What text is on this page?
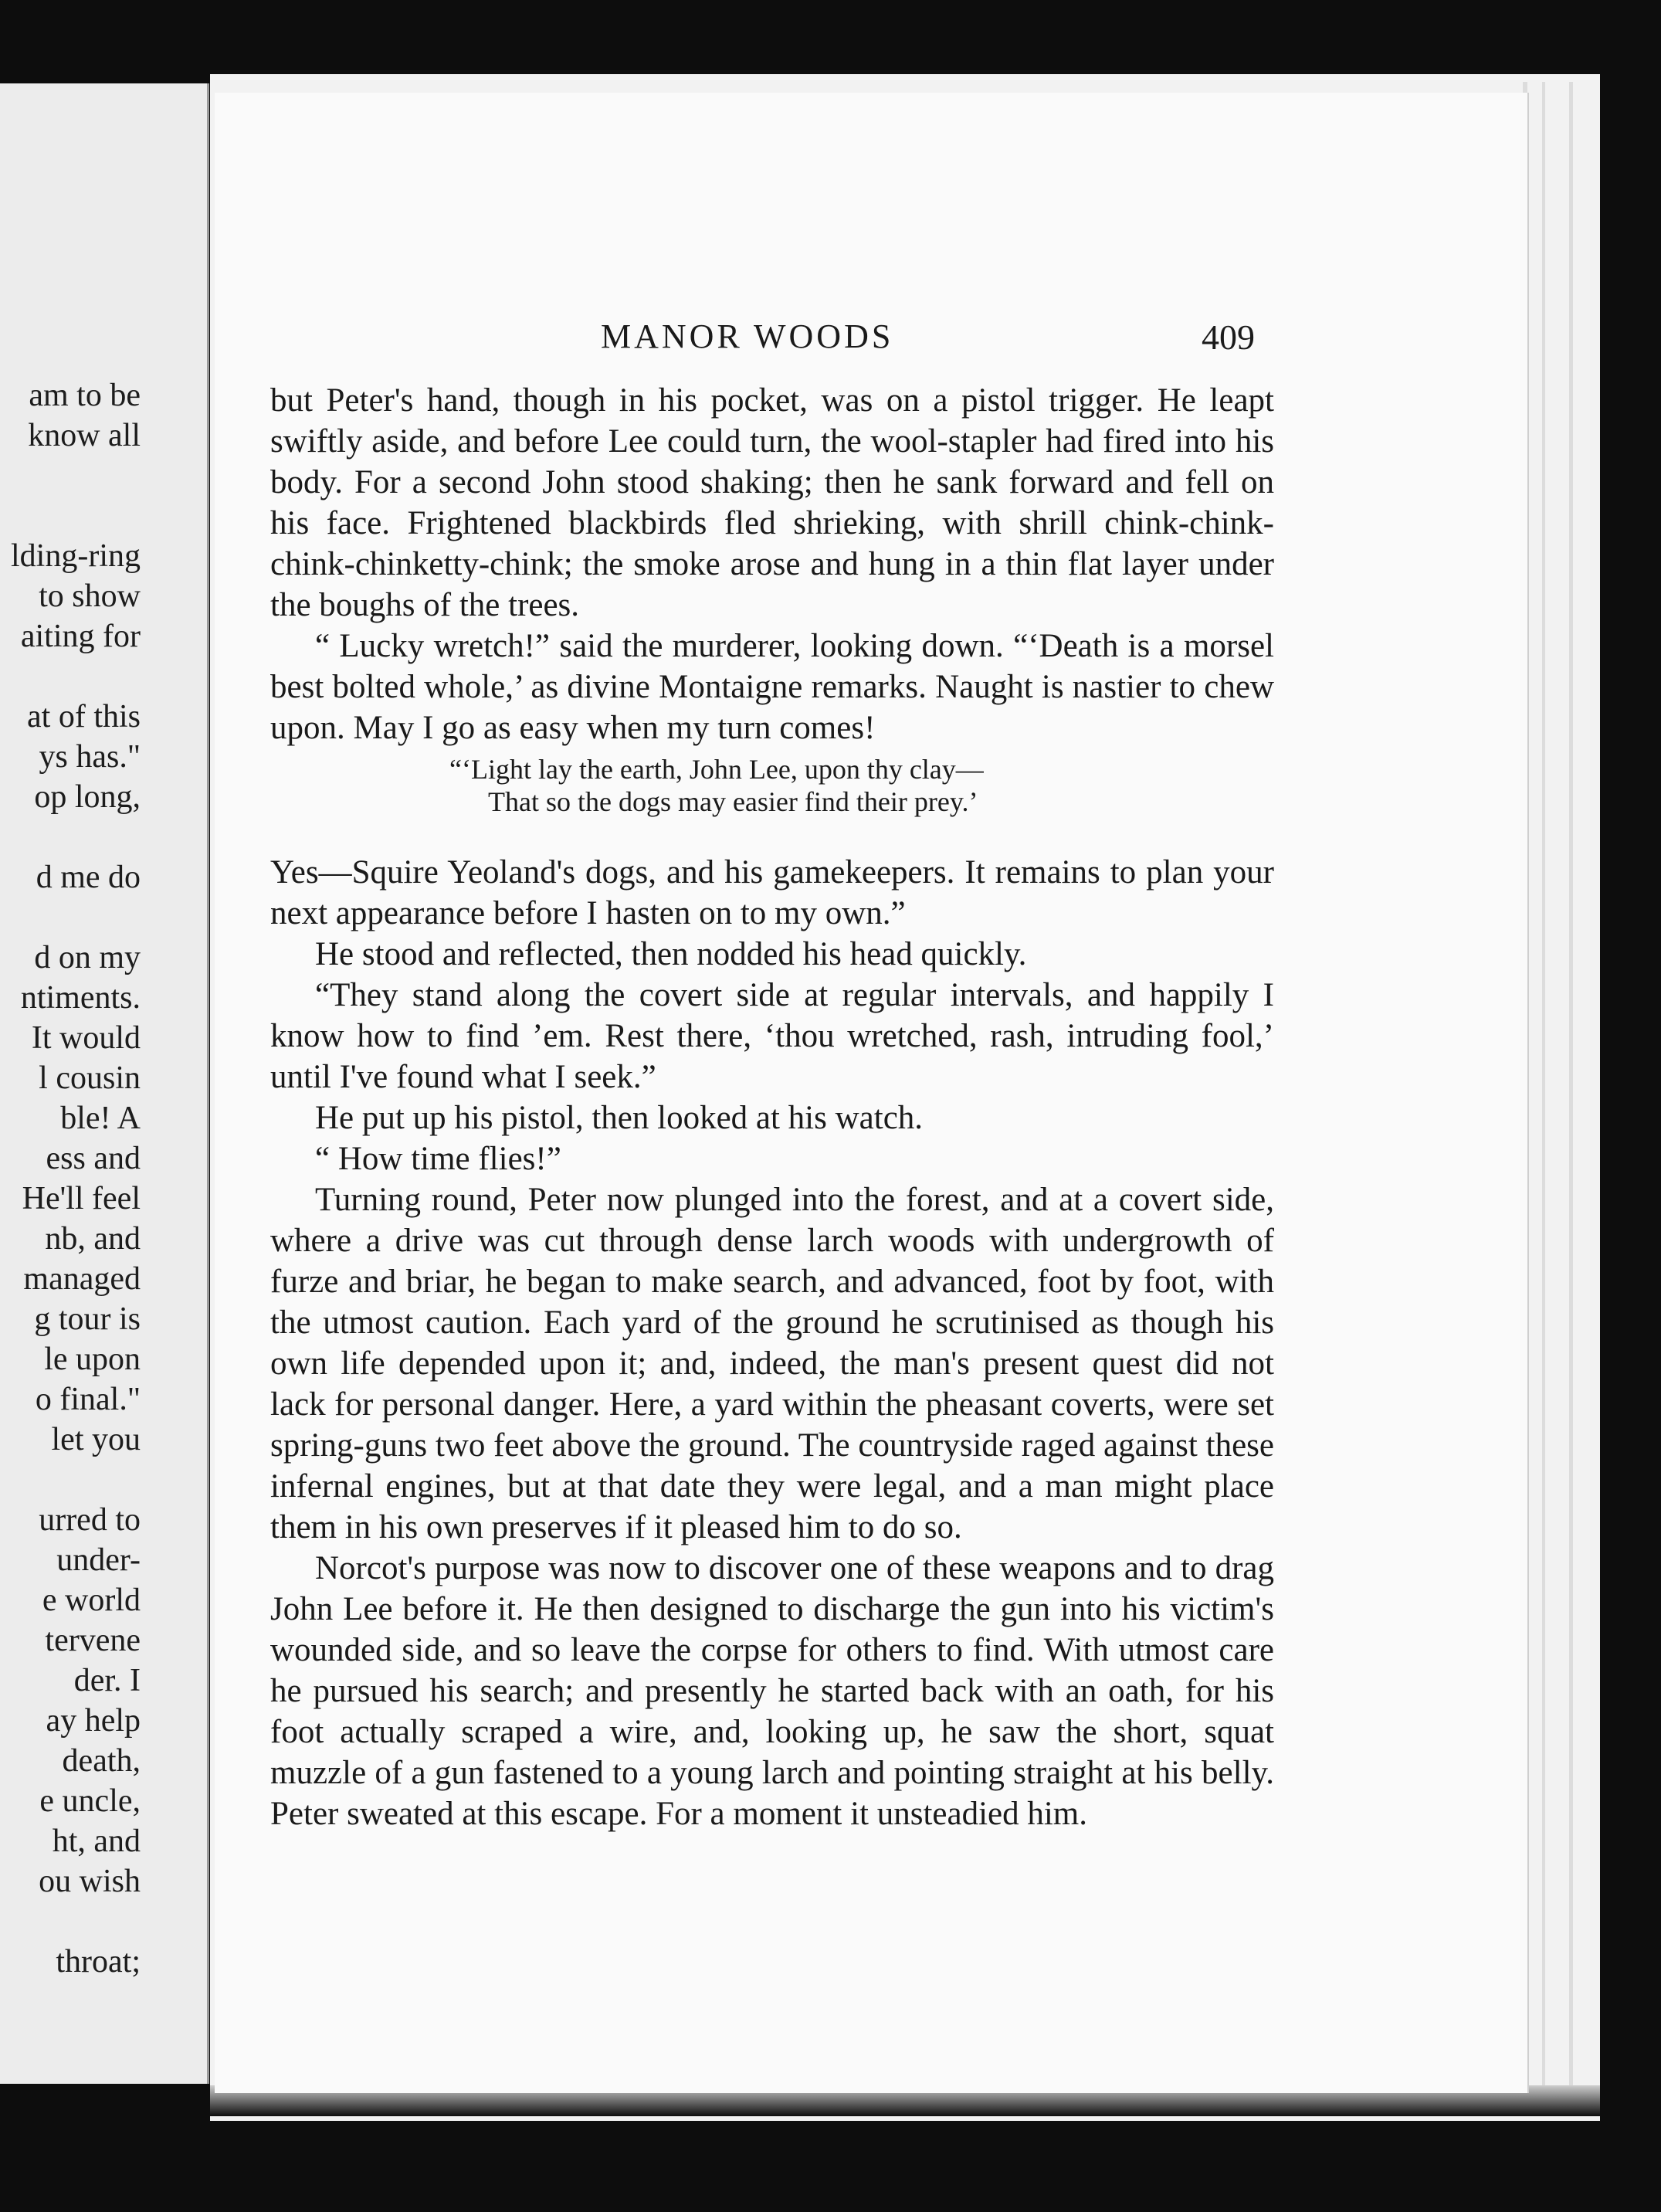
am to be
know all
lding-ring
to show
aiting for
at of this
ys has."
op long,
d me do
d on my
ntiments.
It would
l cousin
ble! A
ess and
He'll feel
nb, and
managed
g tour is
le upon
o final."
let you
urred to
under-
e world
tervene
der. I
ay help
death,
e uncle,
ht, and
ou wish
throat;
MANOR WOODS	409

but Peter's hand, though in his pocket, was on a pistol trigger. He leapt swiftly aside, and before Lee could turn, the wool-stapler had fired into his body. For a second John stood shaking; then he sank forward and fell on his face. Frightened blackbirds fled shrieking, with shrill chink-chink-chink-chinketty-chink; the smoke arose and hung in a thin flat layer under the boughs of the trees.

“ Lucky wretch!” said the murderer, looking down. “‘Death is a morsel best bolted whole,’ as divine Montaigne remarks. Naught is nastier to chew upon. May I go as easy when my turn comes!

“‘Light lay the earth, John Lee, upon thy clay—
That so the dogs may easier find their prey.’

Yes—Squire Yeoland's dogs, and his gamekeepers. It remains to plan your next appearance before I hasten on to my own.”

He stood and reflected, then nodded his head quickly.

“They stand along the covert side at regular intervals, and happily I know how to find ’em. Rest there, ‘thou wretched, rash, intruding fool,’ until I've found what I seek.”

He put up his pistol, then looked at his watch.

“ How time flies!”

Turning round, Peter now plunged into the forest, and at a covert side, where a drive was cut through dense larch woods with undergrowth of furze and briar, he began to make search, and advanced, foot by foot, with the utmost caution. Each yard of the ground he scrutinised as though his own life depended upon it; and, indeed, the man's present quest did not lack for personal danger. Here, a yard within the pheasant coverts, were set spring-guns two feet above the ground. The countryside raged against these infernal engines, but at that date they were legal, and a man might place them in his own preserves if it pleased him to do so.

Norcot's purpose was now to discover one of these weapons and to drag John Lee before it. He then designed to discharge the gun into his victim's wounded side, and so leave the corpse for others to find. With utmost care he pursued his search; and presently he started back with an oath, for his foot actually scraped a wire, and, looking up, he saw the short, squat muzzle of a gun fastened to a young larch and pointing straight at his belly. Peter sweated at this escape. For a moment it unsteadied him.
